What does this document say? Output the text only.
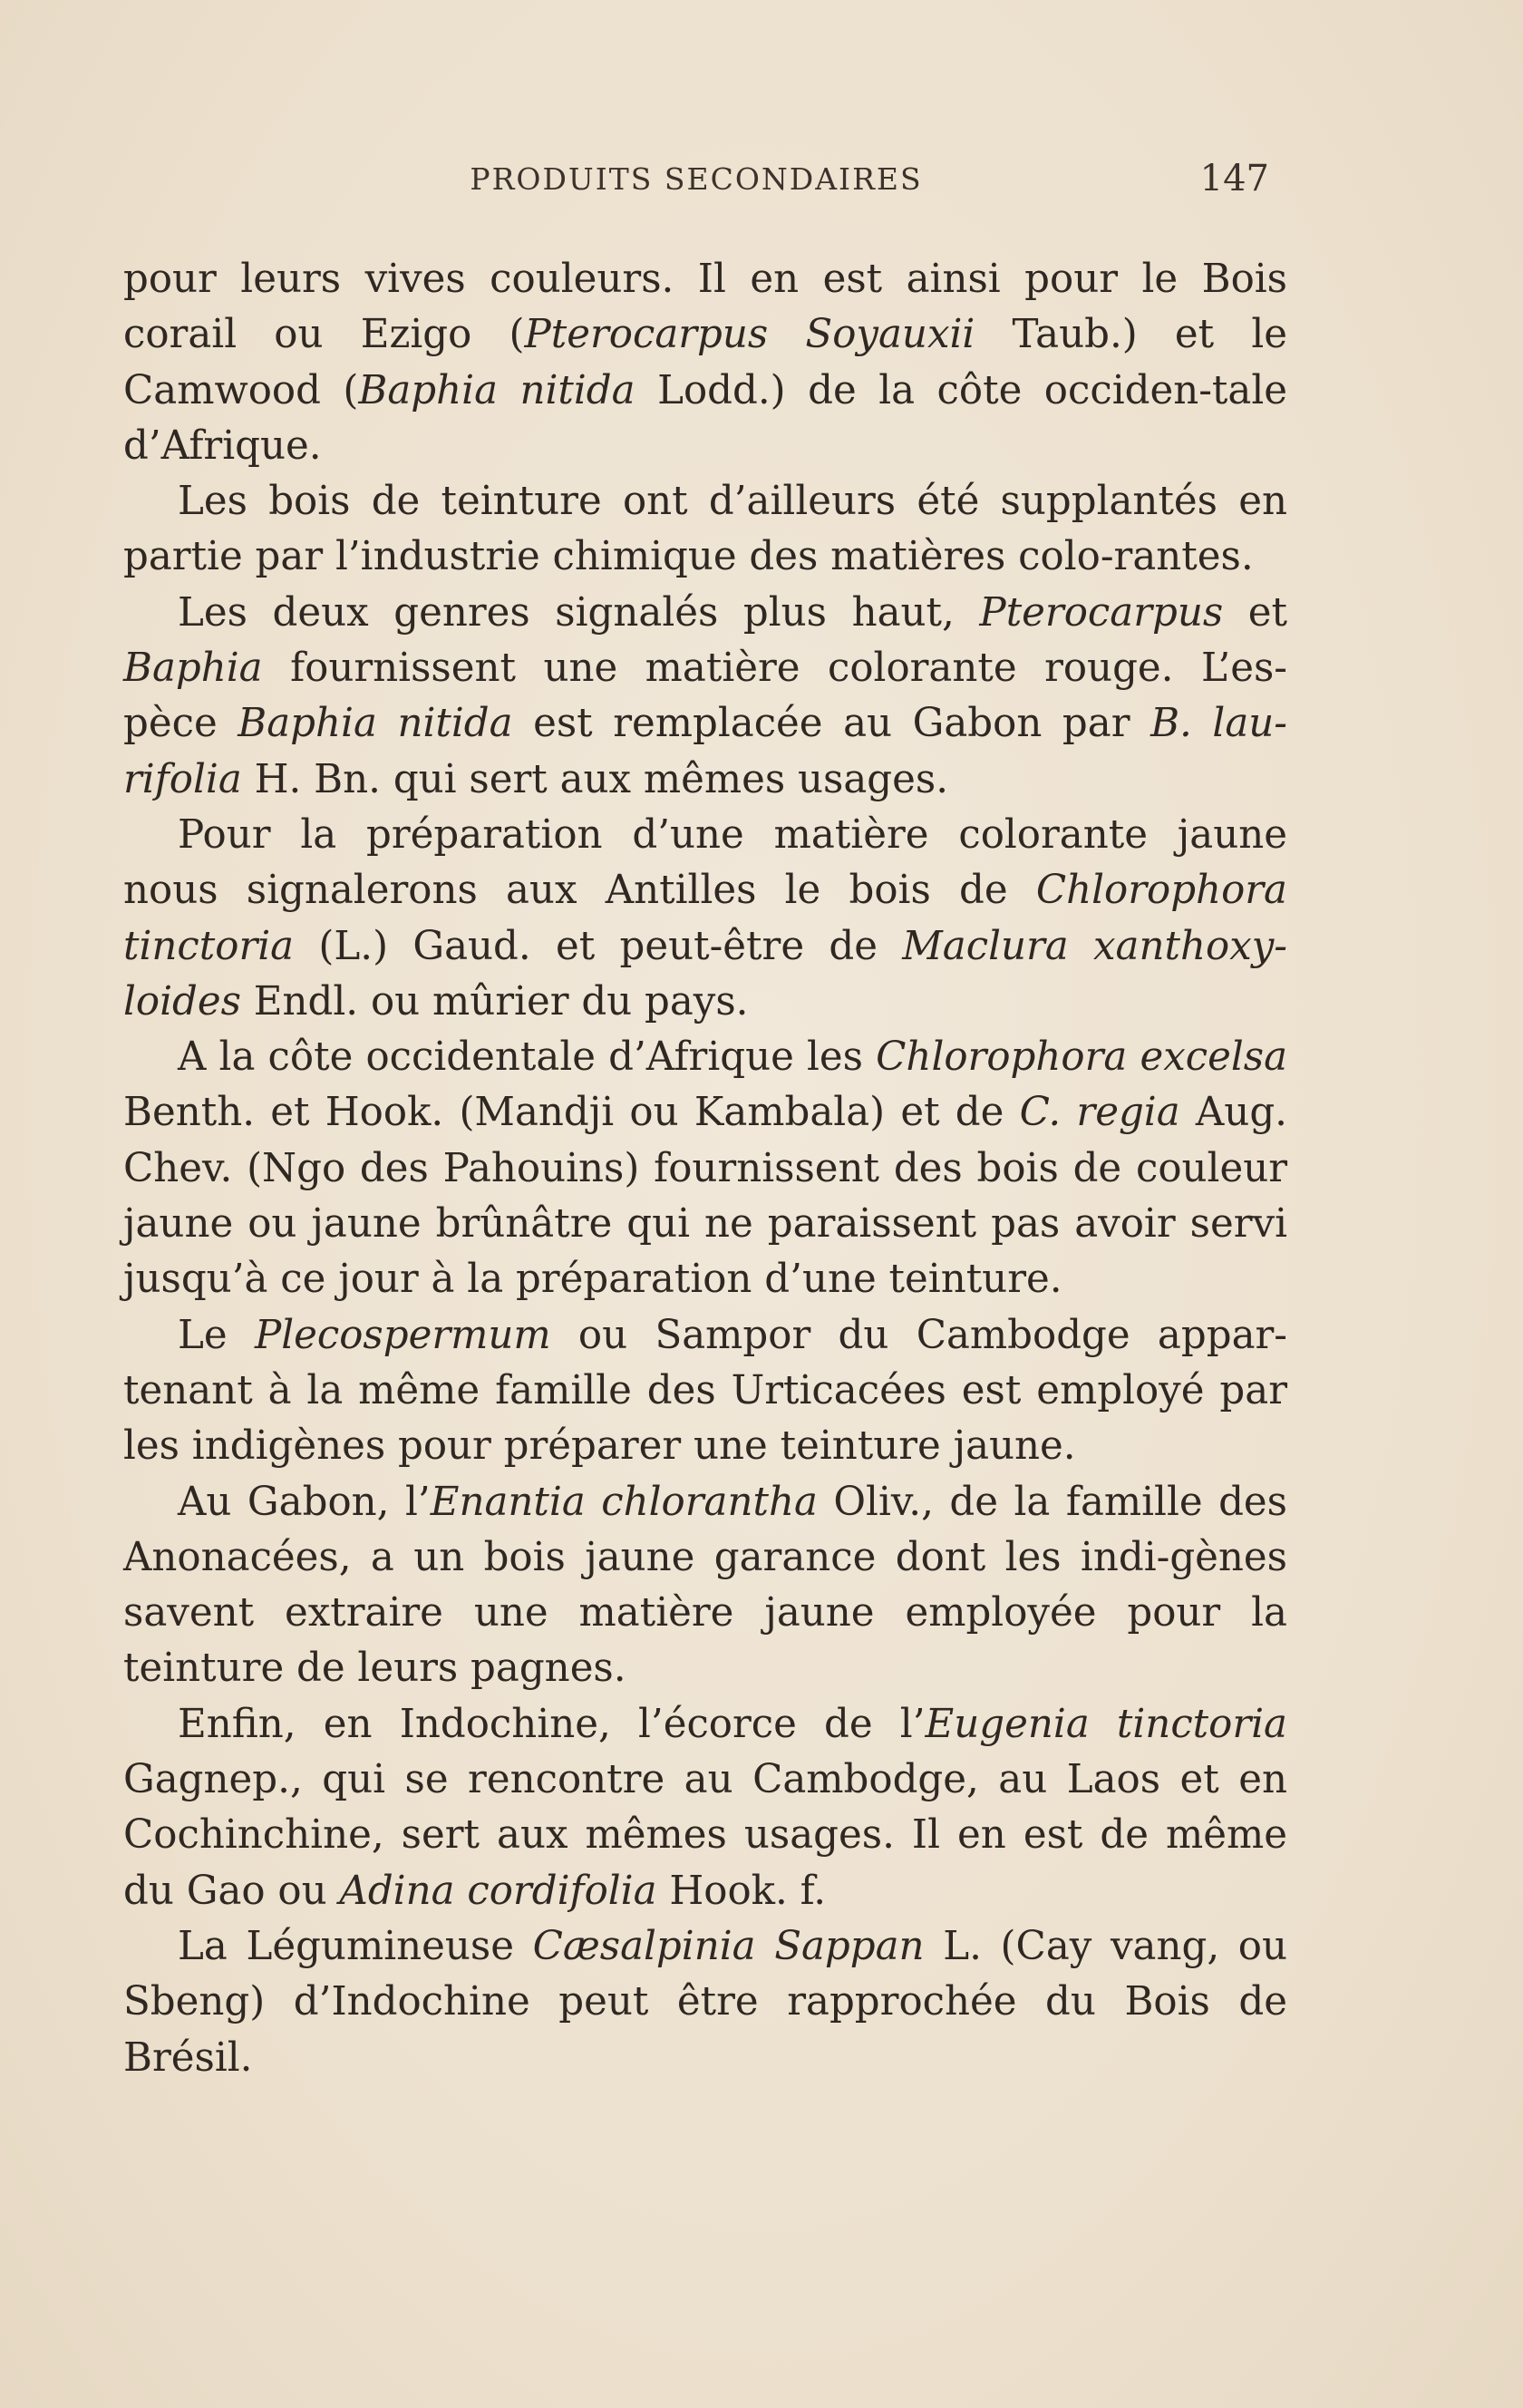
PRODUITS SECONDAIRES	147

pour leurs vives couleurs. Il en est ainsi pour le Bois corail ou Ezigo (Pterocarpus Soyauxii Taub.) et le Camwood (Baphia nitida Lodd.) de la côte occiden-tale d’Afrique.

Les bois de teinture ont d’ailleurs été supplantés en partie par l’industrie chimique des matières colo-rantes.

Les deux genres signalés plus haut, Pterocarpus et Baphia fournissent une matière colorante rouge. L’es-pèce Baphia nitida est remplacée au Gabon par B. lau-rifolia H. Bn. qui sert aux mêmes usages.

Pour la préparation d’une matière colorante jaune nous signalerons aux Antilles le bois de Chlorophora tinctoria (L.) Gaud. et peut-être de Maclura xanthoxy-loides Endl. ou mûrier du pays.

A la côte occidentale d’Afrique les Chlorophora excelsa Benth. et Hook. (Mandji ou Kambala) et de C. regia Aug. Chev. (Ngo des Pahouins) fournissent des bois de couleur jaune ou jaune brûnâtre qui ne paraissent pas avoir servi jusqu’à ce jour à la préparation d’une teinture.

Le Plecospermum ou Sampor du Cambodge appar-tenant à la même famille des Urticacées est employé par les indigènes pour préparer une teinture jaune.

Au Gabon, l’Enantia chlorantha Oliv., de la famille des Anonacées, a un bois jaune garance dont les indi-gènes savent extraire une matière jaune employée pour la teinture de leurs pagnes.

Enfin, en Indochine, l’écorce de l’Eugenia tinctoria Gagnep., qui se rencontre au Cambodge, au Laos et en Cochinchine, sert aux mêmes usages. Il en est de même du Gao ou Adina cordifolia Hook. f.

La Légumineuse Cæsalpinia Sappan L. (Cay vang, ou Sbeng) d’Indochine peut être rapprochée du Bois de Brésil.
